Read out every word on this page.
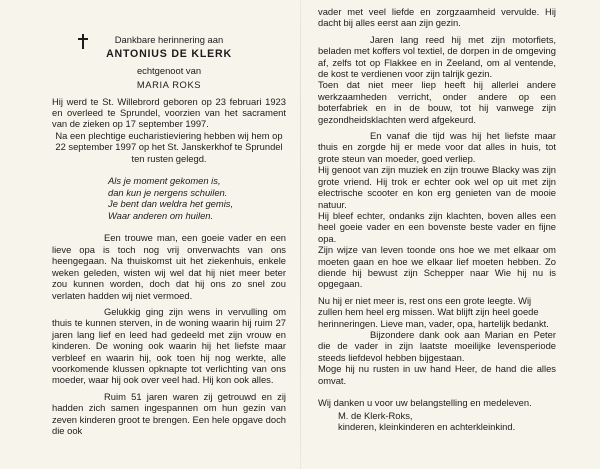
Dankbare herinnering aan

ANTONIUS DE KLERK

echtgenoot van

MARIA ROKS

Hij werd te St. Willebrord geboren op 23 februari 1923 en overleed te Sprundel, voorzien van het sacrament van de zieken op 17 september 1997.

Na een plechtige eucharistieviering hebben wij hem op 22 september 1997 op het St. Janskerkhof te Sprundel ten rusten gelegd.

Als je moment gekomen is,

dan kun je nergens schuilen.

Je bent dan weldra het gemis,

Waar anderen om huilen.

Een trouwe man, een goeie vader en een lieve opa is toch nog vrij onverwachts van ons heengegaan. Na thuiskomst uit het ziekenhuis, enkele weken geleden, wisten wij wel dat hij niet meer beter zou kunnen worden, doch dat hij ons zo snel zou verlaten hadden wij niet vermoed.

Gelukkig ging zijn wens in vervulling om thuis te kunnen sterven, in de woning waarin hij ruim 27 jaren lang lief en leed had gedeeld met zijn vrouw en kinderen. De woning ook waarin hij het liefste maar verbleef en waarin hij, ook toen hij nog werkte, alle voorkomende klussen opknapte tot verlichting van ons moeder, waar hij ook over veel had. Hij kon ook alles.

Ruim 51 jaren waren zij getrouwd en zij hadden zich samen ingespannen om hun gezin van zeven kinderen groot te brengen. Een hele opgave doch die ook

vader met veel liefde en zorgzaamheid vervulde. Hij dacht bij alles eerst aan zijn gezin.

Jaren lang reed hij met zijn motorfiets, beladen met koffers vol textiel, de dorpen in de omgeving af, zelfs tot op Flakkee en in Zeeland, om al ventende, de kost te verdienen voor zijn talrijk gezin.

Toen dat niet meer liep heeft hij allerlei andere werkzaamheden verricht, onder andere op een boterfabriek en in de bouw, tot hij vanwege zijn gezondheidsklachten werd afgekeurd.

En vanaf die tijd was hij het liefste maar thuis en zorgde hij er mede voor dat alles in huis, tot grote steun van moeder, goed verliep.

Hij genoot van zijn muziek en zijn trouwe Blacky was zijn grote vriend. Hij trok er echter ook wel op uit met zijn electrische scooter en kon erg genieten van de mooie natuur.

Hij bleef echter, ondanks zijn klachten, boven alles een heel goeie vader en een bovenste beste vader en fijne opa.

Zijn wijze van leven toonde ons hoe we met elkaar om moeten gaan en hoe we elkaar lief moeten hebben. Zo diende hij bewust zijn Schepper naar Wie hij nu is opgegaan.

Nu hij er niet meer is, rest ons een grote leegte. Wij zullen hem heel erg missen. Wat blijft zijn heel goede herinneringen. Lieve man, vader, opa, hartelijk bedankt.

Bijzondere dank ook aan Marian en Peter die de vader in zijn laatste moeilijke levensperiode steeds liefdevol hebben bijgestaan.

Moge hij nu rusten in uw hand Heer, de hand die alles omvat.

Wij danken u voor uw belangstelling en medeleven.

M. de Klerk-Roks,

kinderen, kleinkinderen en achterkleinkind.
